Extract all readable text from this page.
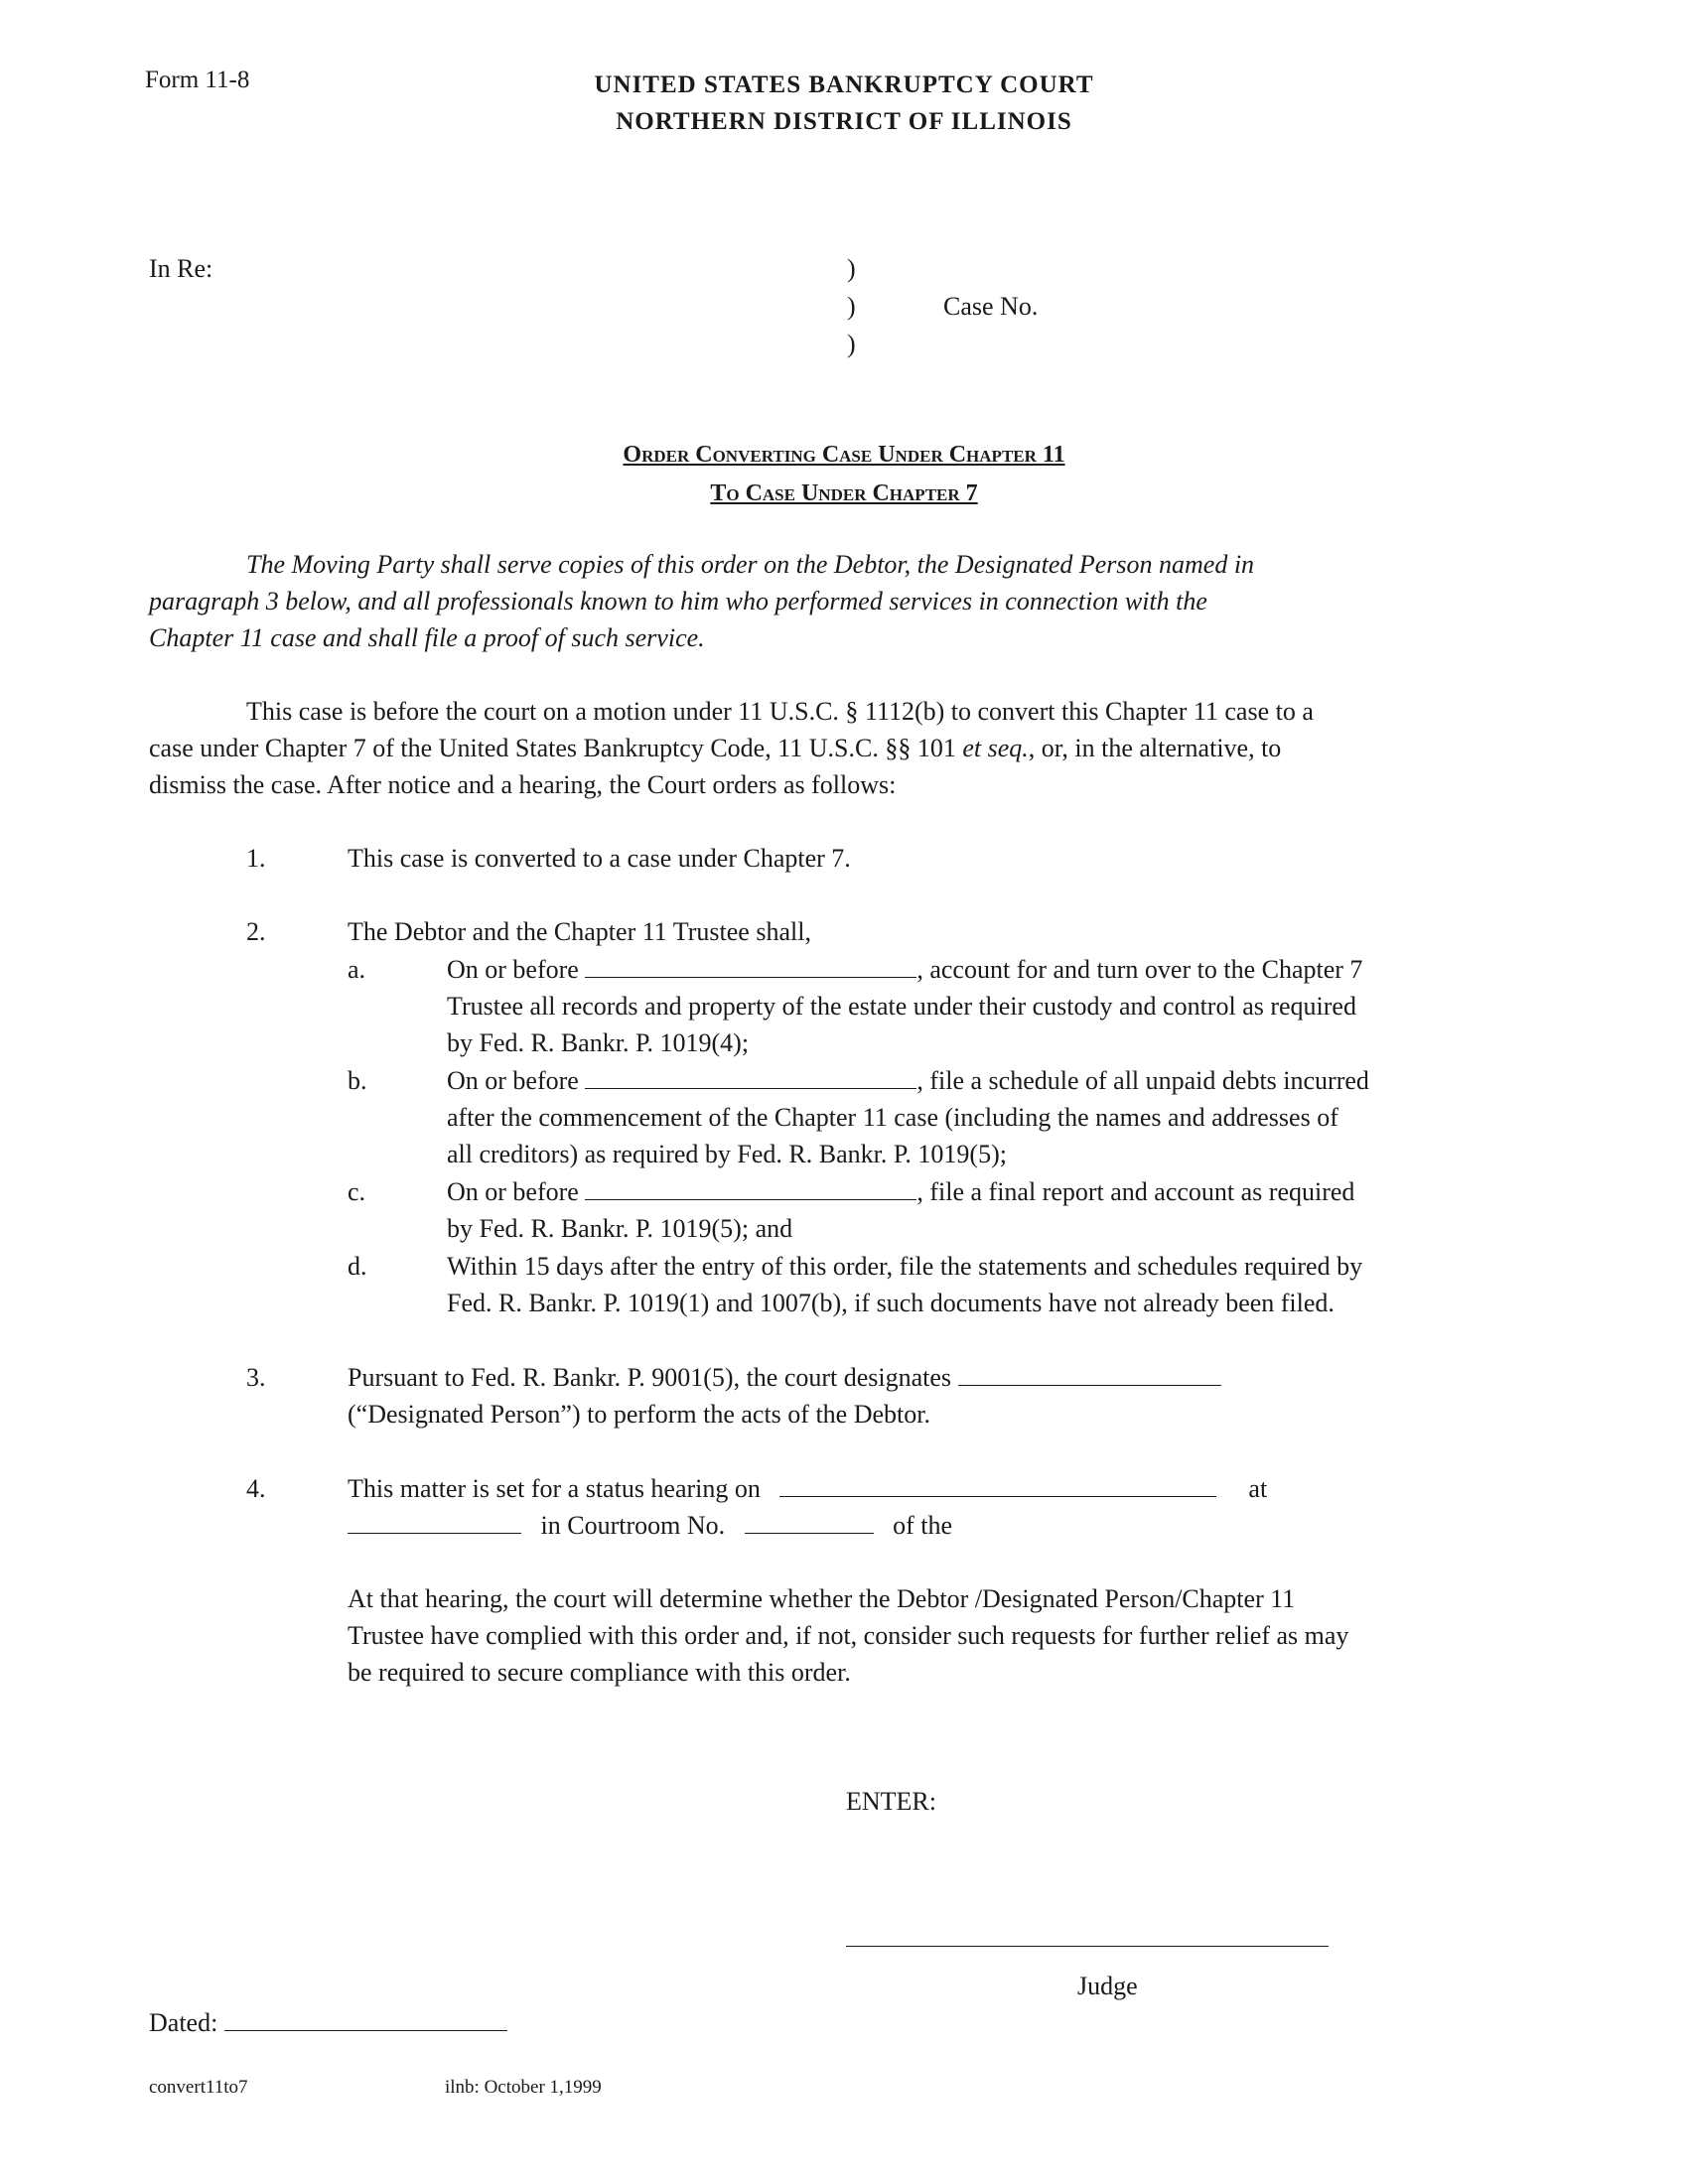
Form 11-8	UNITED STATES BANKRUPTCY COURT
NORTHERN DISTRICT OF ILLINOIS
In Re:	)
)
)
Case No.
Order Converting Case Under Chapter 11
To Case Under Chapter 7
The Moving Party shall serve copies of this order on the Debtor, the Designated Person named in
paragraph 3 below, and all professionals known to him who performed services in connection with the
Chapter 11 case and shall file a proof of such service.
This case is before the court on a motion under 11 U.S.C. § 1112(b) to convert this Chapter 11 case to a
case under Chapter 7 of the United States Bankruptcy Code, 11 U.S.C. §§ 101 et seq., or, in the alternative, to
dismiss the case. After notice and a hearing, the Court orders as follows:
1.	This case is converted to a case under Chapter 7.
2.	The Debtor and the Chapter 11 Trustee shall,
a.	On or before	, account for and turn over to the Chapter 7
Trustee all records and property of the estate under their custody and control as required
by Fed. R. Bankr. P. 1019(4);
b.	On or before	, file a schedule of all unpaid debts incurred
after the commencement of the Chapter 11 case (including the names and addresses of
all creditors) as required by Fed. R. Bankr. P. 1019(5);
c.	On or before	, file a final report and account as required
by Fed. R. Bankr. P. 1019(5); and
d.	Within 15 days after the entry of this order, file the statements and schedules required by
Fed. R. Bankr. P. 1019(1) and 1007(b), if such documents have not already been filed.
3.	Pursuant to Fed. R. Bankr. P. 9001(5), the court designates
(“Designated Person”) to perform the acts of the Debtor.
4.	This matter is set for a status hearing on	at
in Courtroom No.	of the
At that hearing, the court will determine whether the Debtor /Designated Person/Chapter 11
Trustee have complied with this order and, if not, consider such requests for further relief as may
be required to secure compliance with this order.
ENTER:
Judge
Dated:
convert11to7	ilnb: October 1,1999
